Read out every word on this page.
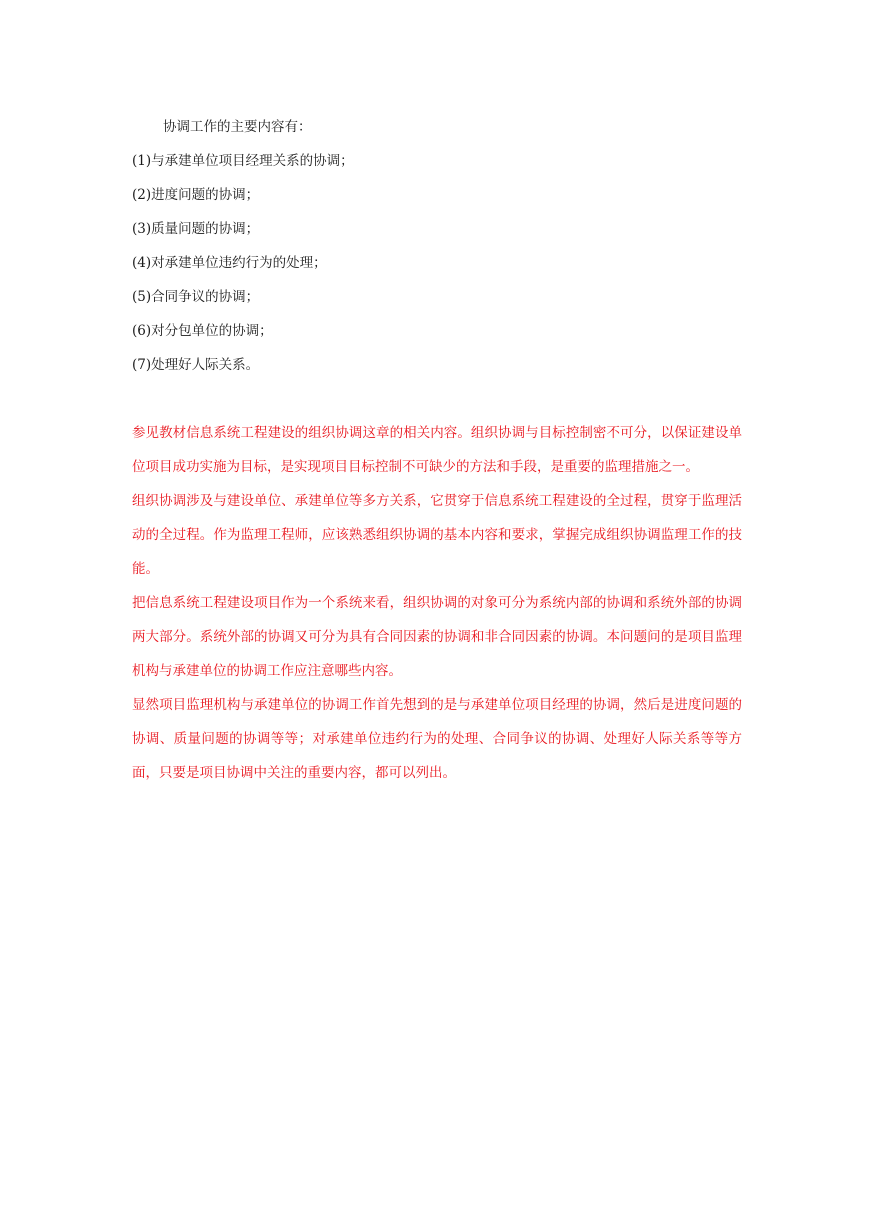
协调工作的主要内容有：

(1)与承建单位项目经理关系的协调；

(2)进度问题的协调；

(3)质量问题的协调；

(4)对承建单位违约行为的处理；

(5)合同争议的协调；

(6)对分包单位的协调；

(7)处理好人际关系。

参见教材信息系统工程建设的组织协调这章的相关内容。组织协调与目标控制密不可分，以保证建设单位项目成功实施为目标，是实现项目目标控制不可缺少的方法和手段，是重要的监理措施之一。

组织协调涉及与建设单位、承建单位等多方关系，它贯穿于信息系统工程建设的全过程，贯穿于监理活动的全过程。作为监理工程师，应该熟悉组织协调的基本内容和要求，掌握完成组织协调监理工作的技能。

把信息系统工程建设项目作为一个系统来看，组织协调的对象可分为系统内部的协调和系统外部的协调两大部分。系统外部的协调又可分为具有合同因素的协调和非合同因素的协调。本问题问的是项目监理机构与承建单位的协调工作应注意哪些内容。

显然项目监理机构与承建单位的协调工作首先想到的是与承建单位项目经理的协调，然后是进度问题的协调、质量问题的协调等等；对承建单位违约行为的处理、合同争议的协调、处理好人际关系等等方面，只要是项目协调中关注的重要内容，都可以列出。
